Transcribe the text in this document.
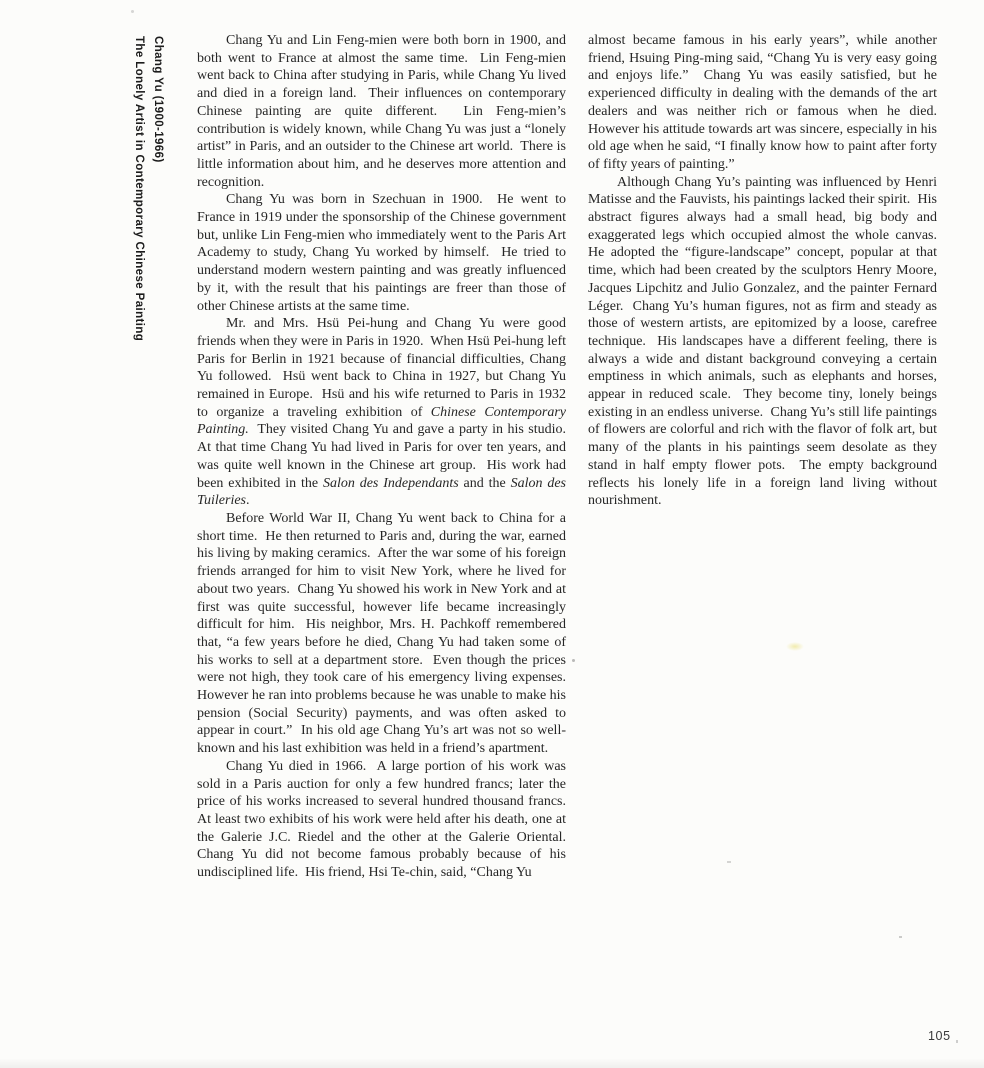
Chang Yu (1900-1966)
The Lonely Artist in Contemporary Chinese Painting	Chang Yu and Lin Feng-mien were both born in 1900, and both went to France at almost the same time.  Lin Feng-mien went back to China after studying in Paris, while Chang Yu lived and died in a foreign land.  Their influences on contemporary Chinese painting are quite different.  Lin Feng-mien’s contribution is widely known, while Chang Yu was just a “lonely artist” in Paris, and an outsider to the Chinese art world.  There is little information about him, and he deserves more attention and recognition.

Chang Yu was born in Szechuan in 1900.  He went to France in 1919 under the sponsorship of the Chinese government but, unlike Lin Feng-mien who immediately went to the Paris Art Academy to study, Chang Yu worked by himself.  He tried to understand modern western painting and was greatly influenced by it, with the result that his paintings are freer than those of other Chinese artists at the same time.

Mr. and Mrs. Hsü Pei-hung and Chang Yu were good friends when they were in Paris in 1920.  When Hsü Pei-hung left Paris for Berlin in 1921 because of financial difficulties, Chang Yu followed.  Hsü went back to China in 1927, but Chang Yu remained in Europe.  Hsü and his wife returned to Paris in 1932 to organize a traveling exhibition of Chinese Contemporary Painting.  They visited Chang Yu and gave a party in his studio.  At that time Chang Yu had lived in Paris for over ten years, and was quite well known in the Chinese art group.  His work had been exhibited in the Salon des Independants and the Salon des Tuileries.

Before World War II, Chang Yu went back to China for a short time.  He then returned to Paris and, during the war, earned his living by making ceramics.  After the war some of his foreign friends arranged for him to visit New York, where he lived for about two years.  Chang Yu showed his work in New York and at first was quite successful, however life became increasingly difficult for him.  His neighbor, Mrs. H. Pachkoff remembered that, “a few years before he died, Chang Yu had taken some of his works to sell at a department store.  Even though the prices were not high, they took care of his emergency living expenses.  However he ran into problems because he was unable to make his pension (Social Security) payments, and was often asked to appear in court.”  In his old age Chang Yu’s art was not so well-known and his last exhibition was held in a friend’s apartment.

Chang Yu died in 1966.  A large portion of his work was sold in a Paris auction for only a few hundred francs; later the price of his works increased to several hundred thousand francs.  At least two exhibits of his work were held after his death, one at the Galerie J.C. Riedel and the other at the Galerie Oriental.  Chang Yu did not become famous probably because of his undisciplined life.  His friend, Hsi Te-chin, said, “Chang Yu

almost became famous in his early years”, while another friend, Hsuing Ping-ming said, “Chang Yu is very easy going and enjoys life.”  Chang Yu was easily satisfied, but he experienced difficulty in dealing with the demands of the art dealers and was neither rich or famous when he died.  However his attitude towards art was sincere, especially in his old age when he said, “I finally know how to paint after forty of fifty years of painting.”

Although Chang Yu’s painting was influenced by Henri Matisse and the Fauvists, his paintings lacked their spirit.  His abstract figures always had a small head, big body and exaggerated legs which occupied almost the whole canvas.  He adopted the “figure-landscape” concept, popular at that time, which had been created by the sculptors Henry Moore, Jacques Lipchitz and Julio Gonzalez, and the painter Fernard Léger.  Chang Yu’s human figures, not as firm and steady as those of western artists, are epitomized by a loose, carefree technique.  His landscapes have a different feeling, there is always a wide and distant background conveying a certain emptiness in which animals, such as elephants and horses, appear in reduced scale.  They become tiny, lonely beings existing in an endless universe.  Chang Yu’s still life paintings of flowers are colorful and rich with the flavor of folk art, but many of the plants in his paintings seem desolate as they stand in half empty flower pots.  The empty background reflects his lonely life in a foreign land living without nourishment.

105
